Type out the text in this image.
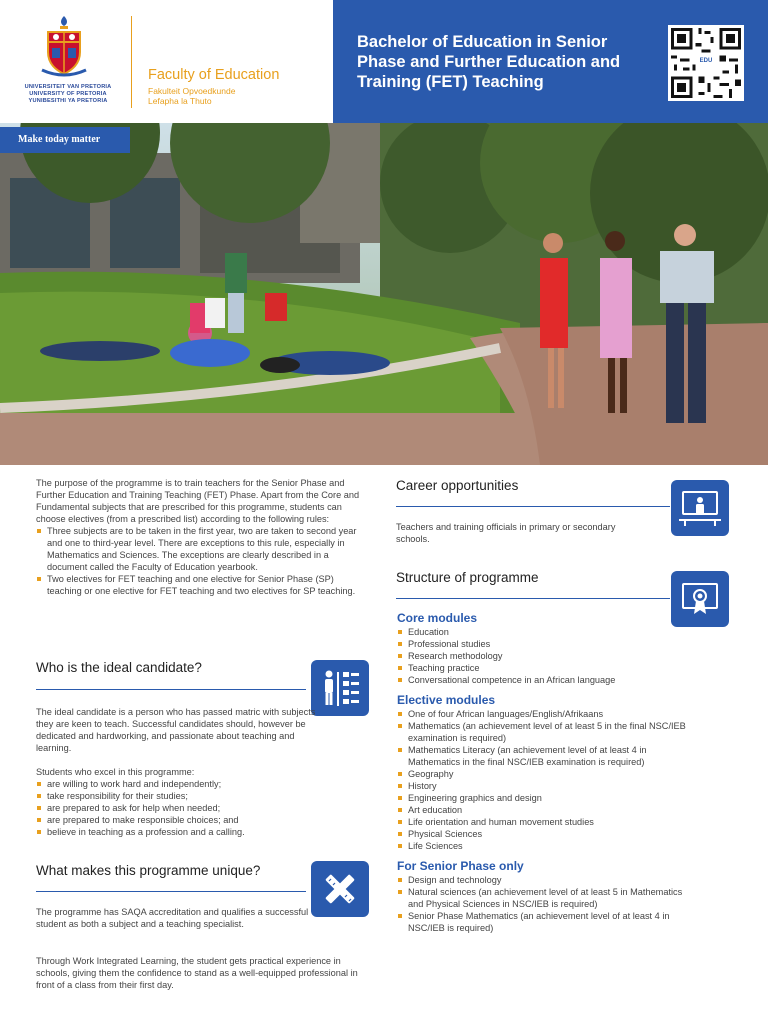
UNIVERSITEIT VAN PRETORIA
UNIVERSITY OF PRETORIA
YUNIBESITHI YA PRETORIA
Faculty of Education
Fakulteit Opvoedkunde
Lefapha la Thuto
Bachelor of Education in Senior Phase and Further Education and Training (FET) Teaching
EDU
Make today matter
The purpose of the programme is to train teachers for the Senior Phase and Further Education and Training Teaching (FET) Phase. Apart from the Core and Fundamental subjects that are prescribed for this programme, students can choose electives (from a prescribed list) according to the following rules:
Three subjects are to be taken in the first year, two are taken to second year and one to third-year level. There are exceptions to this rule, especially in Mathematics and Sciences. The exceptions are clearly described in a document called the Faculty of Education yearbook.
Two electives for FET teaching and one elective for Senior Phase (SP) teaching or one elective for FET teaching and two electives for SP teaching.
Who is the ideal candidate?
The ideal candidate is a person who has passed matric with subjects they are keen to teach. Successful candidates should, however be dedicated and hardworking, and passionate about teaching and learning.
Students who excel in this programme:
are willing to work hard and independently;
take responsibility for their studies;
are prepared to ask for help when needed;
are prepared to make responsible choices; and
believe in teaching as a profession and a calling.
What makes this programme unique?
The programme has SAQA accreditation and qualifies a successful student as both a subject and a teaching specialist.
Through Work Integrated Learning, the student gets practical experience in schools, giving them the confidence to stand as a well-equipped professional in front of a class from their first day.
Career opportunities
Teachers and training officials in primary or secondary schools.
Structure of programme
Core modules
Education
Professional studies
Research methodology
Teaching practice
Conversational competence in an African language
Elective modules
One of four African languages/English/Afrikaans
Mathematics (an achievement level of at least 5 in the final NSC/IEB examination is required)
Mathematics Literacy (an achievement level of at least 4 in Mathematics in the final NSC/IEB examination is required)
Geography
History
Engineering graphics and design
Art education
Life orientation and human movement studies
Physical Sciences
Life Sciences
For Senior Phase only
Design and technology
Natural sciences (an achievement level of at least 5 in Mathematics and Physical Sciences in NSC/IEB is required)
Senior Phase Mathematics (an achievement level of at least 4 in NSC/IEB is required)
